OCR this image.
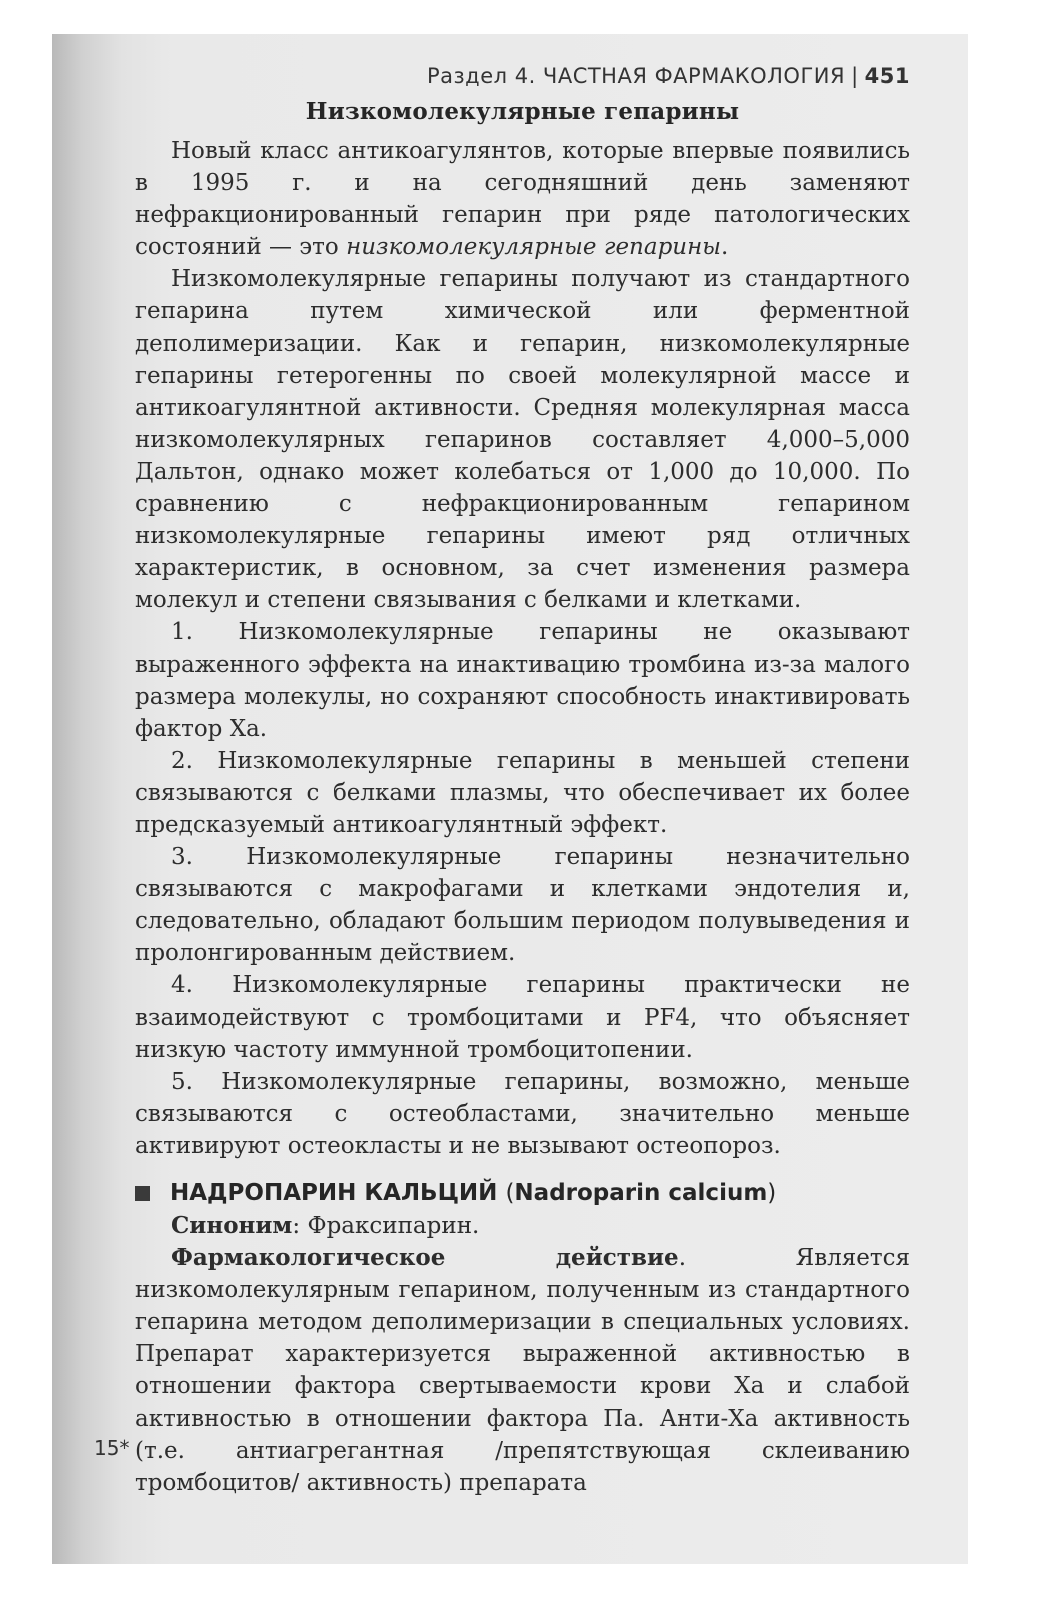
Раздел 4. ЧАСТНАЯ ФАРМАКОЛОГИЯ | 451
Низкомолекулярные гепарины

Новый класс антикоагулянтов, которые впервые появились в 1995 г. и на сегодняшний день заменяют нефракционированный гепарин при ряде патологических состояний — это низкомолекулярные гепарины.

Низкомолекулярные гепарины получают из стандартного гепарина путем химической или ферментной деполимеризации. Как и гепарин, низкомолекулярные гепарины гетерогенны по своей молекулярной массе и антикоагулянтной активности. Средняя молекулярная масса низкомолекулярных гепаринов составляет 4,000–5,000 Дальтон, однако может колебаться от 1,000 до 10,000. По сравнению с нефракционированным гепарином низкомолекулярные гепарины имеют ряд отличных характеристик, в основном, за счет изменения размера молекул и степени связывания с белками и клетками.

1. Низкомолекулярные гепарины не оказывают выраженного эффекта на инактивацию тромбина из-за малого размера молекулы, но сохраняют способность инактивировать фактор Ха.

2. Низкомолекулярные гепарины в меньшей степени связываются с белками плазмы, что обеспечивает их более предсказуемый антикоагулянтный эффект.

3. Низкомолекулярные гепарины незначительно связываются с макрофагами и клетками эндотелия и, следовательно, обладают большим периодом полувыведения и пролонгированным действием.

4. Низкомолекулярные гепарины практически не взаимодействуют с тромбоцитами и PF4, что объясняет низкую частоту иммунной тромбоцитопении.

5. Низкомолекулярные гепарины, возможно, меньше связываются с остеобластами, значительно меньше активируют остеокласты и не вызывают остеопороз.

НАДРОПАРИН КАЛЬЦИЙ (Nadroparin calcium)

Синоним: Фраксипарин.

Фармакологическое действие. Является низкомолекулярным гепарином, полученным из стандартного гепарина методом деполимеризации в специальных условиях. Препарат характеризуется выраженной активностью в отношении фактора свертываемости крови Ха и слабой активностью в отношении фактора Па. Анти-Ха активность (т.е. антиагрегантная /препятствующая склеиванию тромбоцитов/ активность) препарата

15*
